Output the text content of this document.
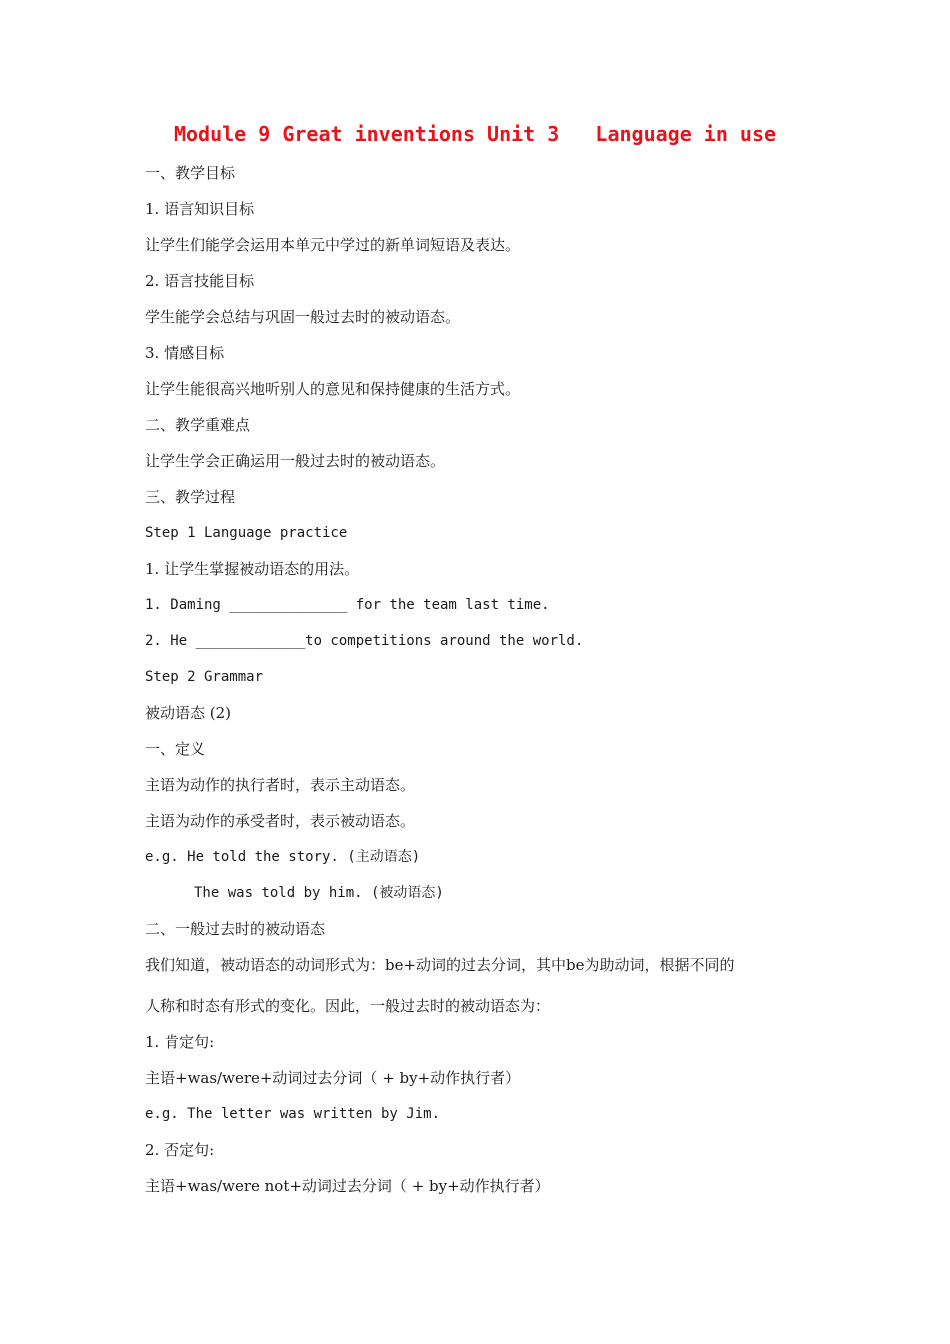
Module 9 Great inventions Unit 3   Language in use
一、教学目标
1. 语言知识目标
让学生们能学会运用本单元中学过的新单词短语及表达。
2. 语言技能目标
学生能学会总结与巩固一般过去时的被动语态。
3. 情感目标
让学生能很高兴地听别人的意见和保持健康的生活方式。
二、教学重难点
让学生学会正确运用一般过去时的被动语态。
三、教学过程
Step 1 Language practice
1. 让学生掌握被动语态的用法。
1. Daming ______________ for the team last time.
2. He _____________to competitions around the world.
Step 2 Grammar
被动语态 (2)
一、定义
主语为动作的执行者时，表示主动语态。
主语为动作的承受者时，表示被动语态。
e.g. He told the story. (主动语态)
The was told by him. (被动语态)
二、一般过去时的被动语态
我们知道，被动语态的动词形式为：be+动词的过去分词，其中be为助动词，根据不同的
人称和时态有形式的变化。因此，一般过去时的被动语态为：
1. 肯定句:
主语+was/were+动词过去分词（ + by+动作执行者）
e.g. The letter was written by Jim.
2. 否定句:
主语+was/were not+动词过去分词（ + by+动作执行者）
